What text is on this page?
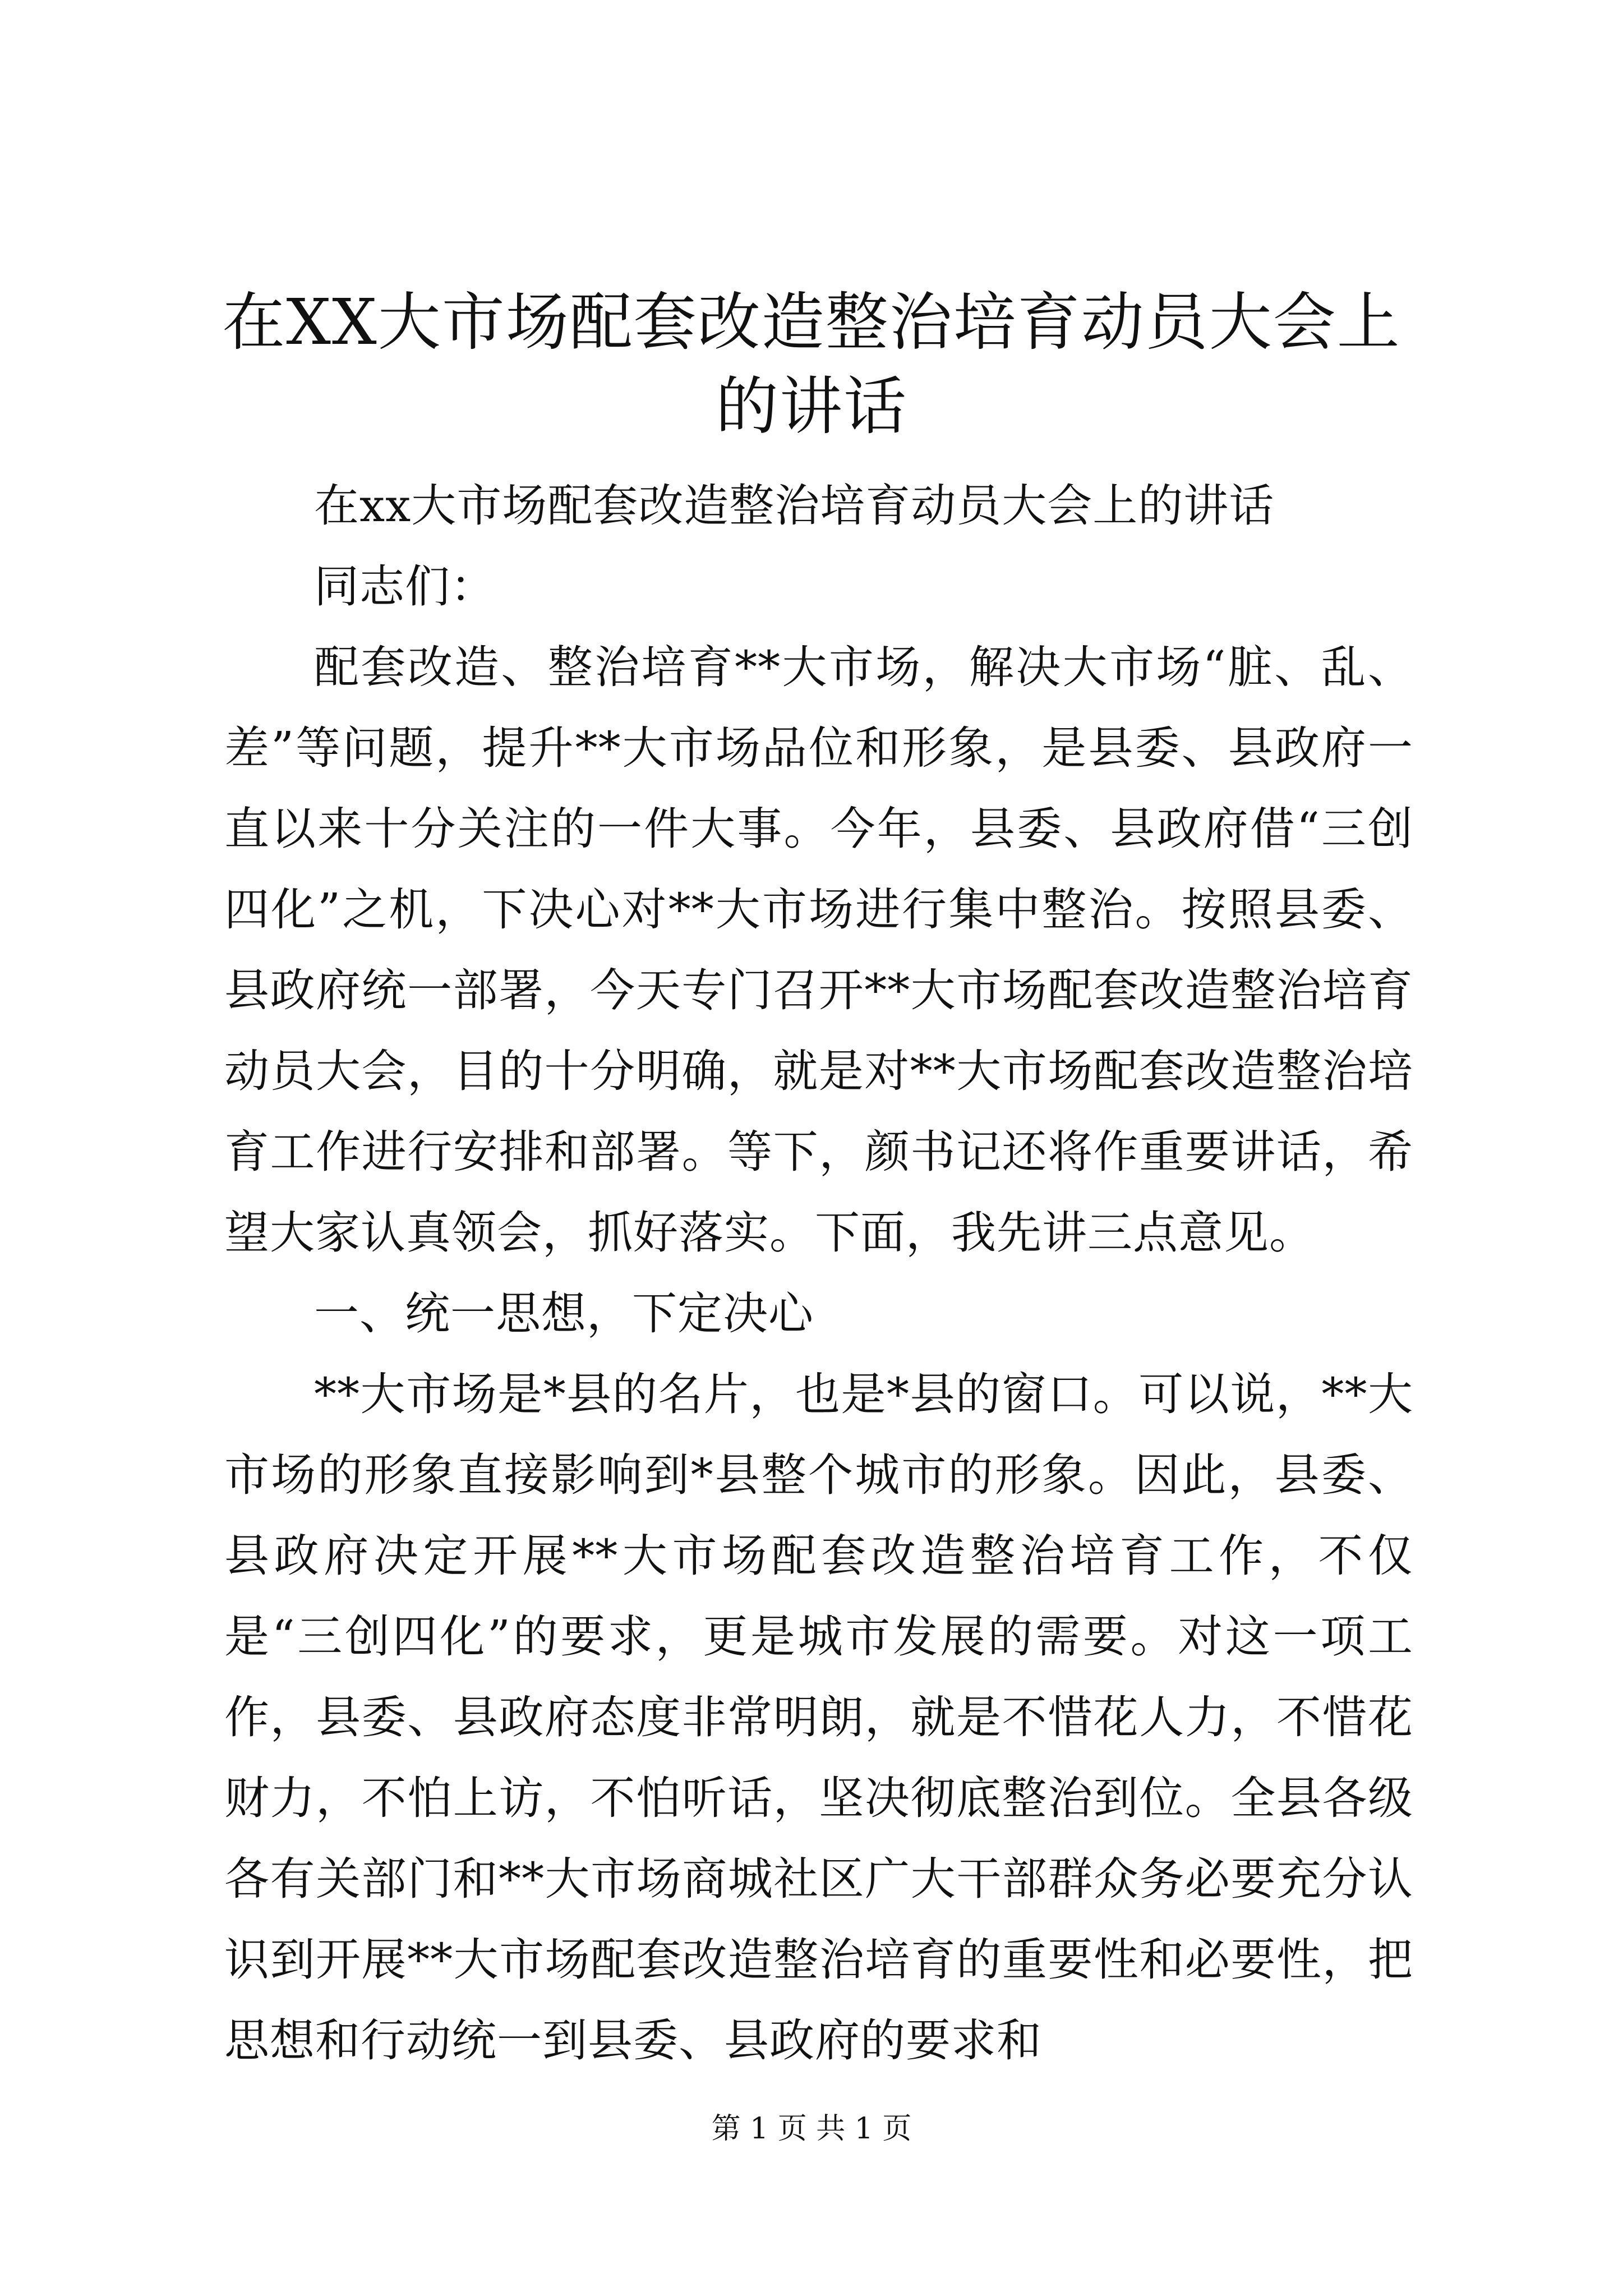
在XX大市场配套改造整治培育动员大会上的讲话

在xx大市场配套改造整治培育动员大会上的讲话

同志们：

配套改造、整治培育**大市场，解决大市场“脏、乱、差”等问题，提升**大市场品位和形象，是县委、县政府一直以来十分关注的一件大事。今年，县委、县政府借“三创四化”之机，下决心对**大市场进行集中整治。按照县委、县政府统一部署，今天专门召开**大市场配套改造整治培育动员大会，目的十分明确，就是对**大市场配套改造整治培育工作进行安排和部署。等下，颜书记还将作重要讲话，希望大家认真领会，抓好落实。下面，我先讲三点意见。

一、统一思想，下定决心

**大市场是*县的名片，也是*县的窗口。可以说，**大市场的形象直接影响到*县整个城市的形象。因此，县委、县政府决定开展**大市场配套改造整治培育工作，不仅是“三创四化”的要求，更是城市发展的需要。对这一项工作，县委、县政府态度非常明朗，就是不惜花人力，不惜花财力，不怕上访，不怕听话，坚决彻底整治到位。全县各级各有关部门和**大市场商城社区广大干部群众务必要充分认识到开展**大市场配套改造整治培育的重要性和必要性，把思想和行动统一到县委、县政府的要求和

第 1 页 共 1 页
